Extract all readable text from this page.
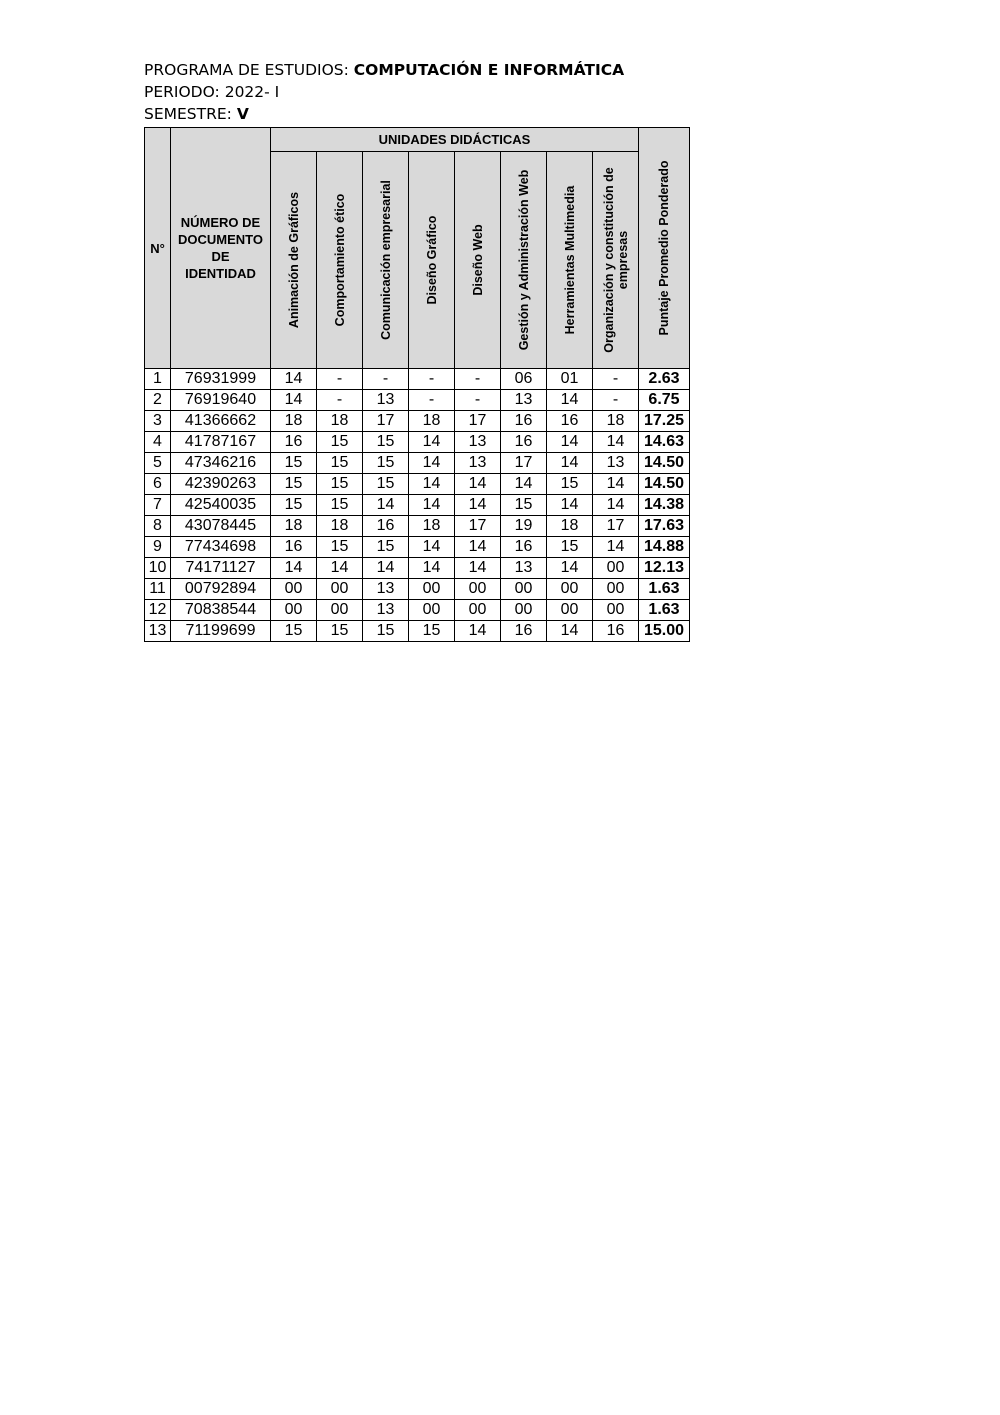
PROGRAMA DE ESTUDIOS: COMPUTACIÓN E INFORMÁTICA
PERIODO: 2022- I
SEMESTRE: V
N°	NÚMERO DE DOCUMENTO DE IDENTIDAD	UNIDADES DIDÁCTICAS								Puntaje Promedio Ponderado

		Animación de Gráficos	Comportamiento ético	Comunicación empresarial	Diseño Gráfico	Diseño Web	Gestión y Administración Web	Herramientas Multimedia	Organización y constitución de empresas	

1	76931999	14	-	-	-	-	06	01	-	2.63
2	76919640	14	-	13	-	-	13	14	-	6.75
3	41366662	18	18	17	18	17	16	16	18	17.25
4	41787167	16	15	15	14	13	16	14	14	14.63
5	47346216	15	15	15	14	13	17	14	13	14.50
6	42390263	15	15	15	14	14	14	15	14	14.50
7	42540035	15	15	14	14	14	15	14	14	14.38
8	43078445	18	18	16	18	17	19	18	17	17.63
9	77434698	16	15	15	14	14	16	15	14	14.88
10	74171127	14	14	14	14	14	13	14	00	12.13
11	00792894	00	00	13	00	00	00	00	00	1.63
12	70838544	00	00	13	00	00	00	00	00	1.63
13	71199699	15	15	15	15	14	16	14	16	15.00
